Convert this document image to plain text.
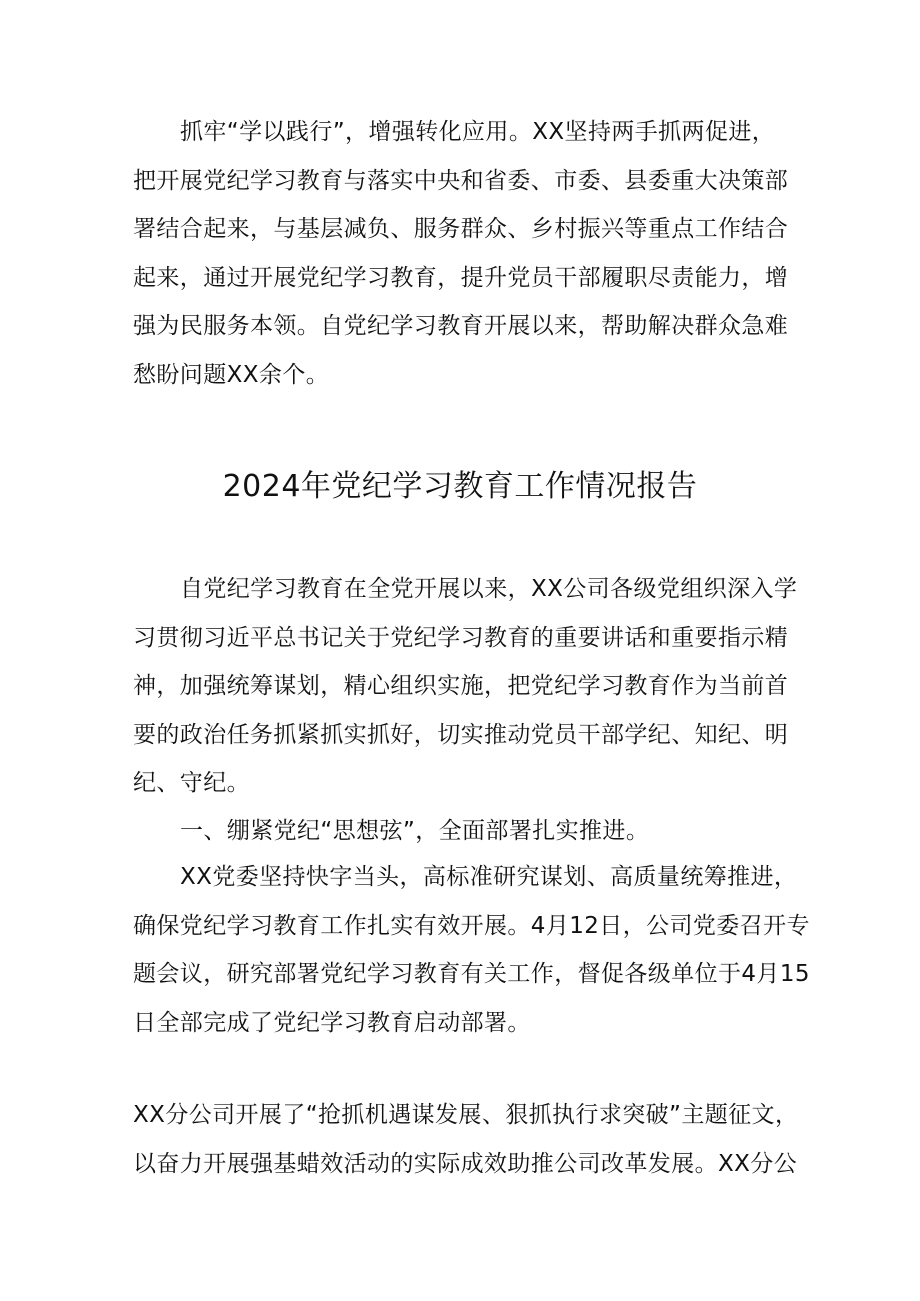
抓牢“学以践行”，增强转化应用。XX坚持两手抓两促进，
把开展党纪学习教育与落实中央和省委、市委、县委重大决策部
署结合起来，与基层减负、服务群众、乡村振兴等重点工作结合
起来，通过开展党纪学习教育，提升党员干部履职尽责能力，增
强为民服务本领。自党纪学习教育开展以来，帮助解决群众急难
愁盼问题XX余个。
2024年党纪学习教育工作情况报告
自党纪学习教育在全党开展以来，XX公司各级党组织深入学
习贯彻习近平总书记关于党纪学习教育的重要讲话和重要指示精
神，加强统筹谋划，精心组织实施，把党纪学习教育作为当前首
要的政治任务抓紧抓实抓好，切实推动党员干部学纪、知纪、明
纪、守纪。
一、绷紧党纪“思想弦”，全面部署扎实推进。
XX党委坚持快字当头，高标准研究谋划、高质量统筹推进，
确保党纪学习教育工作扎实有效开展。4月12日，公司党委召开专
题会议，研究部署党纪学习教育有关工作，督促各级单位于4月15
日全部完成了党纪学习教育启动部署。
XX分公司开展了“抢抓机遇谋发展、狠抓执行求突破”主题征文，
以奋力开展强基蜡效活动的实际成效助推公司改革发展。XX分公
